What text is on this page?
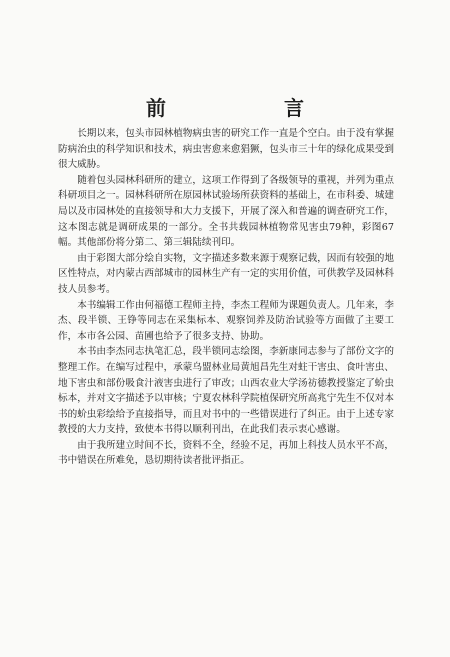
前　　言

长期以来，包头市园林植物病虫害的研究工作一直是个空白。由于没有掌握防病治虫的科学知识和技术，病虫害愈来愈猖獗，包头市三十年的绿化成果受到很大威胁。

随着包头园林科研所的建立，这项工作得到了各级领导的重视，并列为重点科研项目之一。园林科研所在原园林试验场所获资料的基础上，在市科委、城建局以及市园林处的直接领导和大力支援下，开展了深入和普遍的调查研究工作，这本图志就是调研成果的一部分。全书共载园林植物常见害虫79种，彩图67幅。其他部份将分第二、第三辑陆续刊印。

由于彩图大部分绘自实物，文字描述多数来源于观察记载，因而有较强的地区性特点，对内蒙古西部城市的园林生产有一定的实用价值，可供教学及园林科技人员参考。

本书编辑工作由何福德工程师主持，李杰工程师为课题负责人。几年来，李杰、段半锁、王铮等同志在采集标本、观察饲养及防治试验等方面做了主要工作，本市各公园、苗圃也给予了很多支持、协助。

本书由李杰同志执笔汇总，段半锁同志绘图，李新康同志参与了部份文字的整理工作。在编写过程中，承蒙乌盟林业局黄旭昌先生对蛀干害虫、食叶害虫、地下害虫和部份吸食汁液害虫进行了审改；山西农业大学汤祊德教授鉴定了蚧虫标本，并对文字描述予以审核；宁夏农林科学院植保研究所高兆宁先生不仅对本书的蚧虫彩绘给予直接指导，而且对书中的一些错误进行了纠正。由于上述专家教授的大力支持，致使本书得以顺利刊出，在此我们表示衷心感谢。

由于我所建立时间不长，资料不全，经验不足，再加上科技人员水平不高，书中错误在所难免，恳切期待读者批评指正。
